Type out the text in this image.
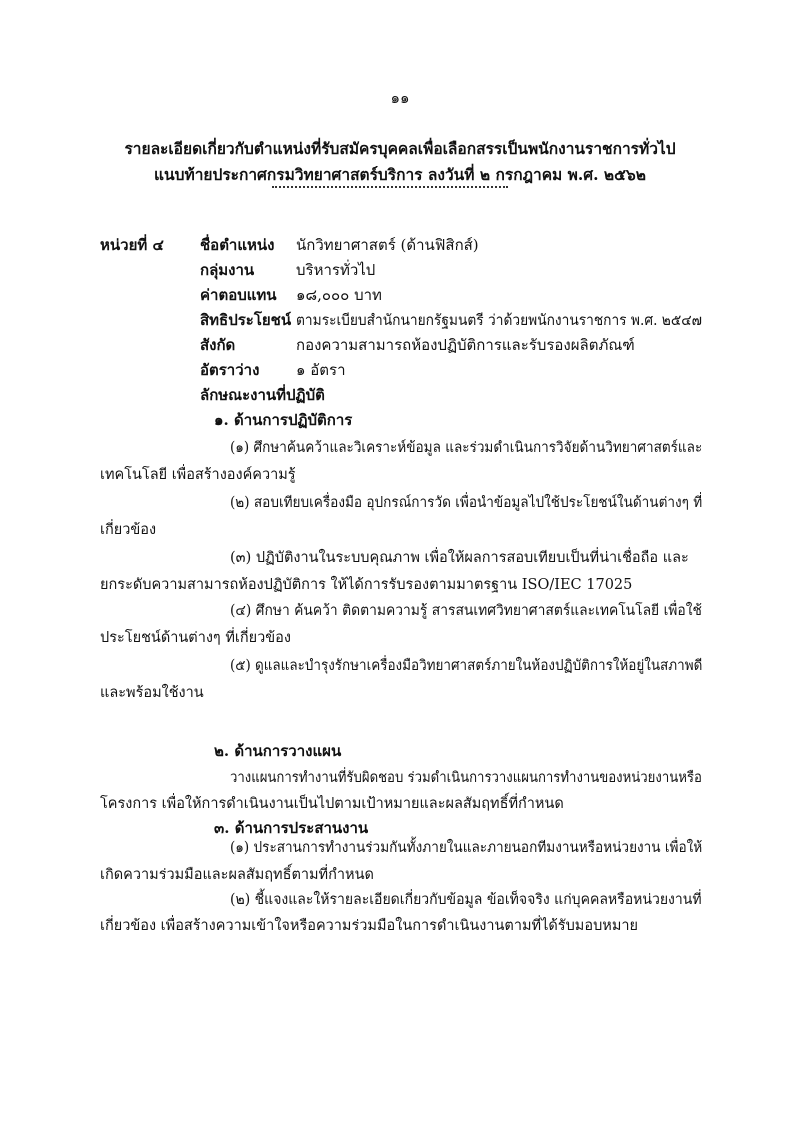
๑๑
รายละเอียดเกี่ยวกับตำแหน่งที่รับสมัครบุคคลเพื่อเลือกสรรเป็นพนักงานราชการทั่วไป
แนบท้ายประกาศกรมวิทยาศาสตร์บริการ ลงวันที่ ๒ กรกฎาคม พ.ศ. ๒๕๖๒
หน่วยที่ ๔ ชื่อตำแหน่ง นักวิทยาศาสตร์ (ด้านฟิสิกส์)
กลุ่มงาน	บริหารทั่วไป
ค่าตอบแทน ๑๘,๐๐๐ บาท
สิทธิประโยชน์ ตามระเบียบสำนักนายกรัฐมนตรี ว่าด้วยพนักงานราชการ พ.ศ. ๒๕๔๗
สังกัด	กองความสามารถห้องปฏิบัติการและรับรองผลิตภัณฑ์
อัตราว่าง ๑ อัตรา
ลักษณะงานที่ปฏิบัติ
๑. ด้านการปฏิบัติการ
(๑) ศึกษาค้นคว้าและวิเคราะห์ข้อมูล และร่วมดำเนินการวิจัยด้านวิทยาศาสตร์และ
เทคโนโลยี เพื่อสร้างองค์ความรู้
(๒) สอบเทียบเครื่องมือ อุปกรณ์การวัด เพื่อนำข้อมูลไปใช้ประโยชน์ในด้านต่างๆ ที่
เกี่ยวข้อง
(๓) ปฏิบัติงานในระบบคุณภาพ เพื่อให้ผลการสอบเทียบเป็นที่น่าเชื่อถือ และ
ยกระดับความสามารถห้องปฏิบัติการ ให้ได้การรับรองตามมาตรฐาน ISO/IEC 17025
(๔) ศึกษา ค้นคว้า ติดตามความรู้ สารสนเทศวิทยาศาสตร์และเทคโนโลยี เพื่อใช้
ประโยชน์ด้านต่างๆ ที่เกี่ยวข้อง
(๕) ดูแลและบำรุงรักษาเครื่องมือวิทยาศาสตร์ภายในห้องปฏิบัติการให้อยู่ในสภาพดี
และพร้อมใช้งาน
๒. ด้านการวางแผน
วางแผนการทำงานที่รับผิดชอบ ร่วมดำเนินการวางแผนการทำงานของหน่วยงานหรือ
โครงการ เพื่อให้การดำเนินงานเป็นไปตามเป้าหมายและผลสัมฤทธิ์ที่กำหนด
๓. ด้านการประสานงาน
(๑) ประสานการทำงานร่วมกันทั้งภายในและภายนอกทีมงานหรือหน่วยงาน เพื่อให้
เกิดความร่วมมือและผลสัมฤทธิ์ตามที่กำหนด
(๒) ชี้แจงและให้รายละเอียดเกี่ยวกับข้อมูล ข้อเท็จจริง แก่บุคคลหรือหน่วยงานที่
เกี่ยวข้อง เพื่อสร้างความเข้าใจหรือความร่วมมือในการดำเนินงานตามที่ได้รับมอบหมาย
